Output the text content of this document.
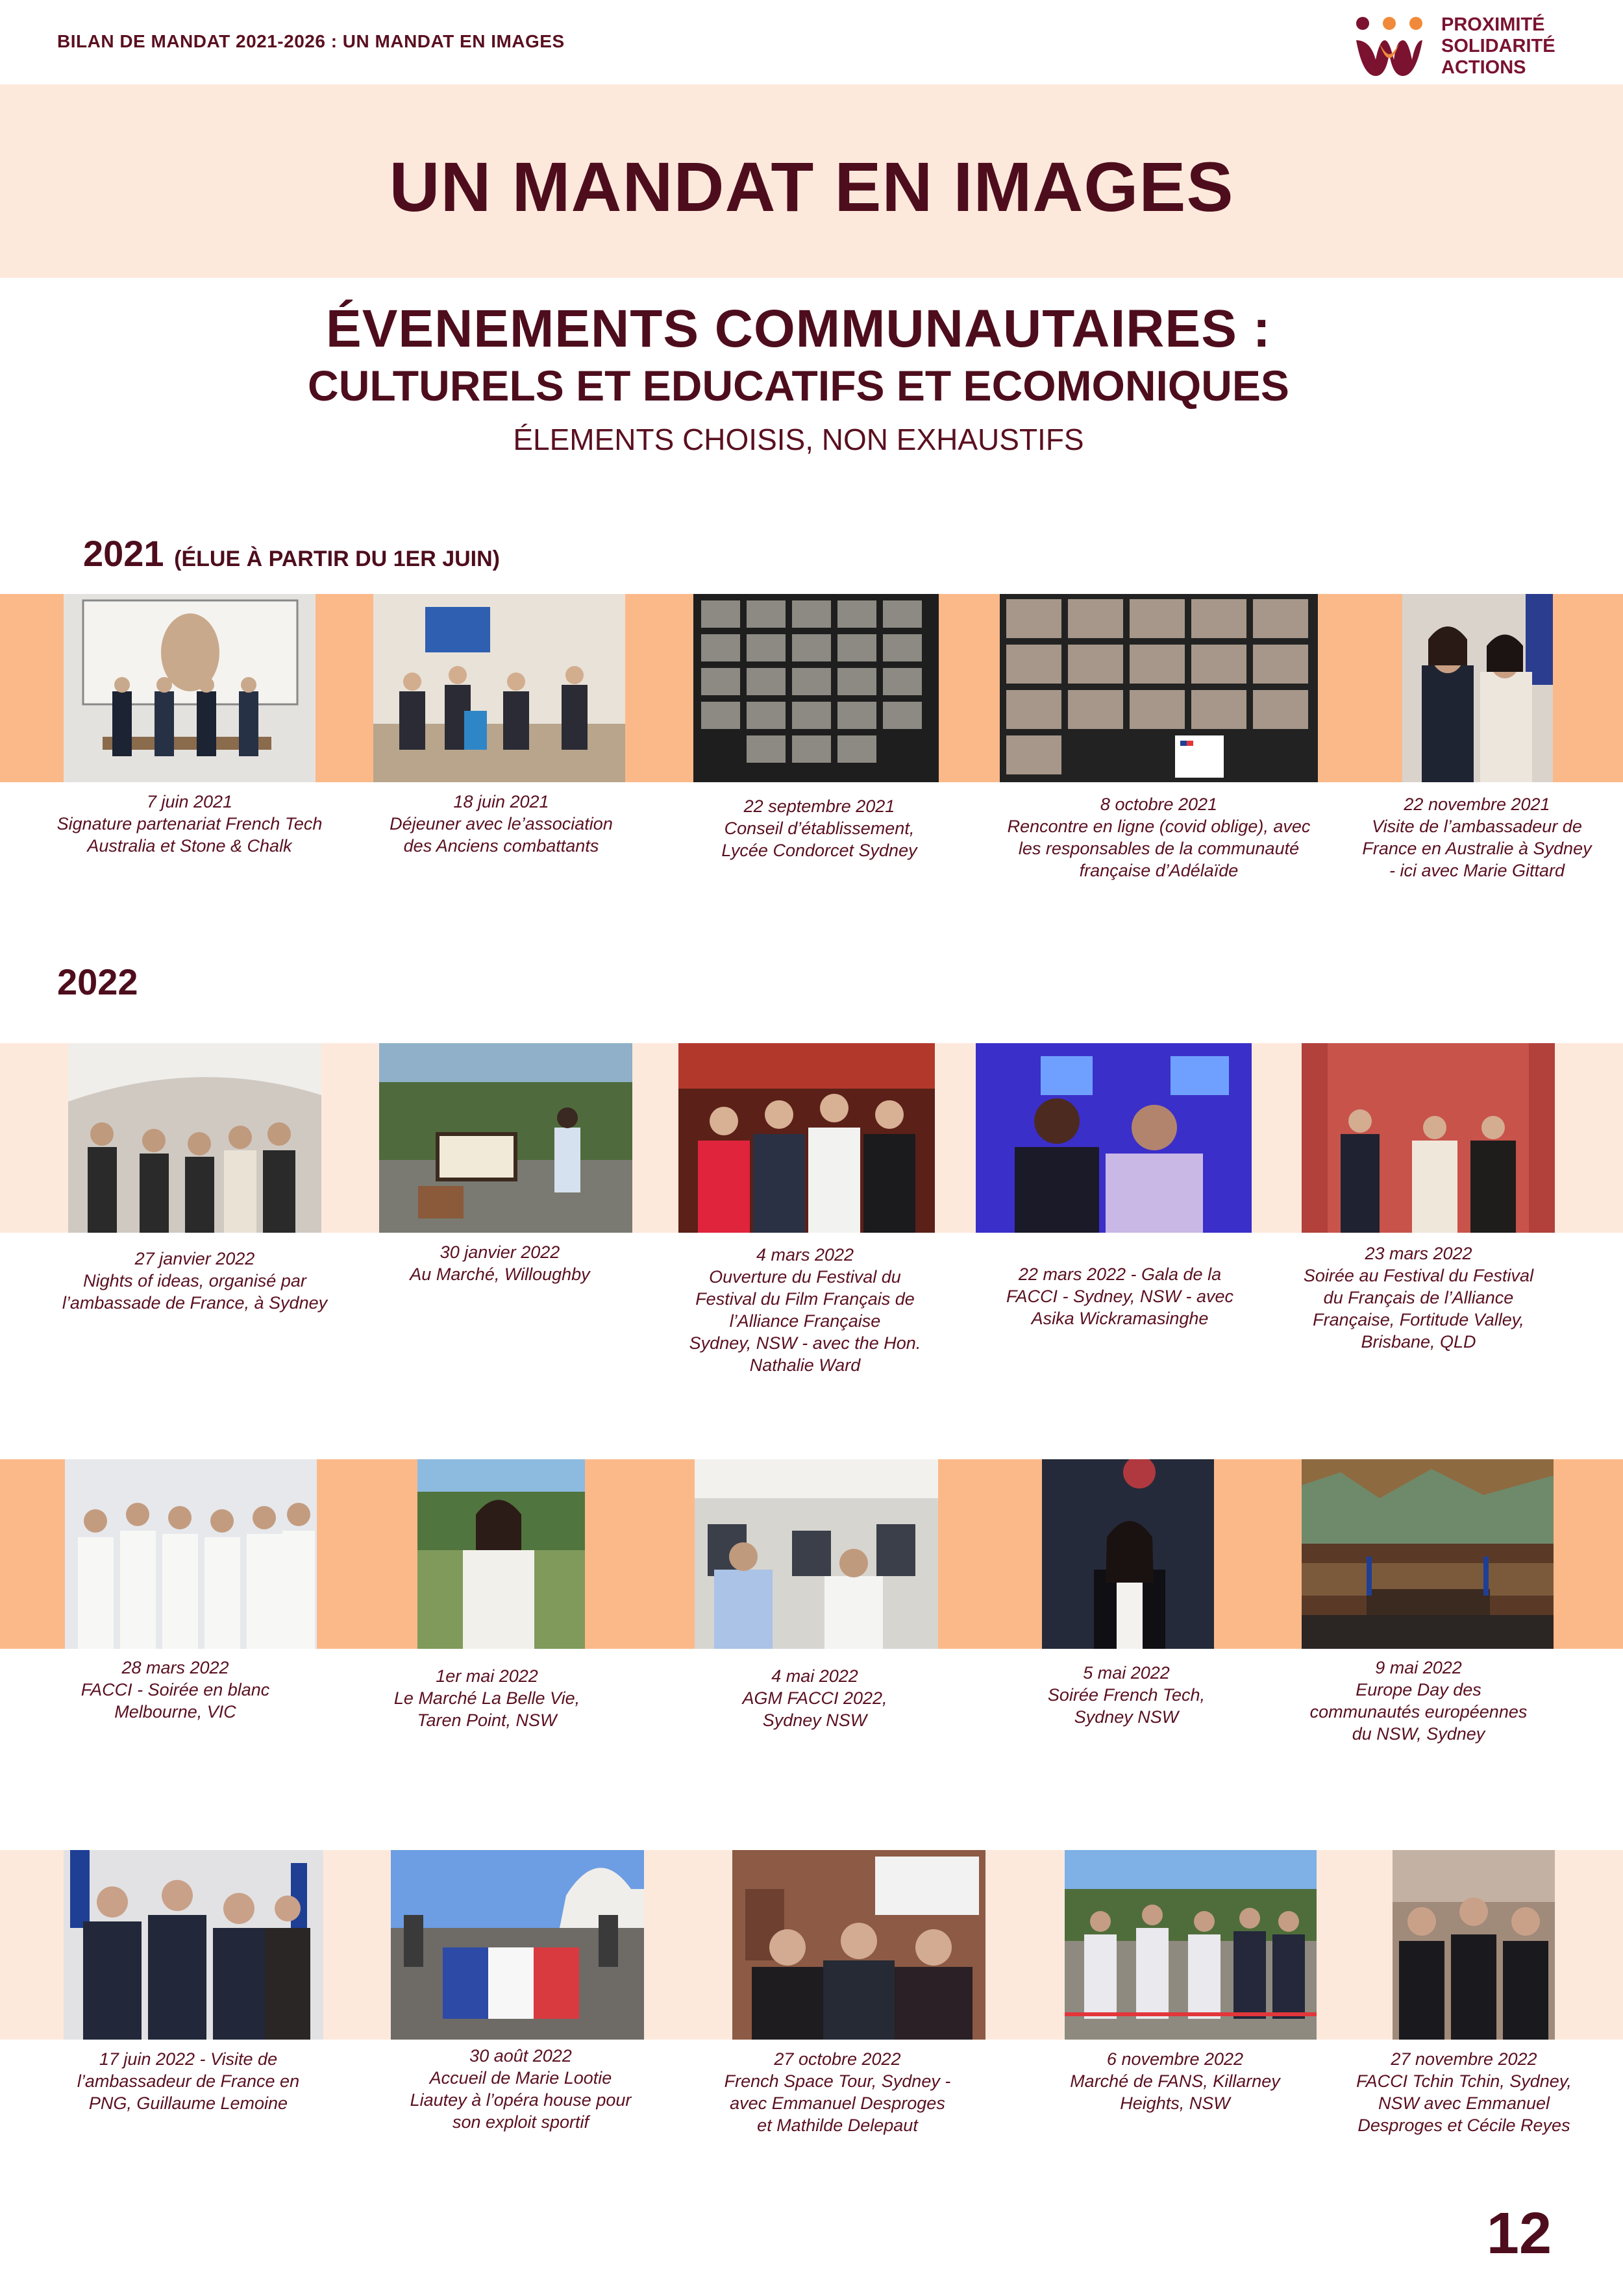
BILAN DE MANDAT 2021-2026 : UN MANDAT EN IMAGES
PROXIMITÉ
SOLIDARITÉ
ACTIONS
UN MANDAT EN IMAGES
ÉVENEMENTS COMMUNAUTAIRES :
CULTURELS ET EDUCATIFS ET ECOMONIQUES
ÉLEMENTS CHOISIS, NON EXHAUSTIFS
2021 (ÉLUE À PARTIR DU 1ER JUIN)
7 juin 2021
Signature partenariat French Tech
Australia et Stone & Chalk
18 juin 2021
Déjeuner avec le’association
des Anciens combattants
22 septembre 2021
Conseil d’établissement,
Lycée Condorcet Sydney
8 octobre 2021
Rencontre en ligne (covid oblige), avec
les responsables de la communauté
française d’Adélaïde
22 novembre 2021
Visite de l’ambassadeur de
France en Australie à Sydney
- ici avec Marie Gittard
2022
27 janvier 2022
Nights of ideas, organisé par
l’ambassade de France, à Sydney
30 janvier 2022
Au Marché, Willoughby
4 mars 2022
Ouverture du Festival du
Festival du Film Français de
l’Alliance Française
Sydney, NSW - avec the Hon.
Nathalie Ward
22 mars 2022 - Gala de la
FACCI - Sydney, NSW - avec
Asika Wickramasinghe
23 mars 2022
Soirée au Festival du Festival
du Français de l’Alliance
Française, Fortitude Valley,
Brisbane, QLD
28 mars 2022
FACCI - Soirée en blanc
Melbourne, VIC
1er mai 2022
Le Marché La Belle Vie,
Taren Point, NSW
4 mai 2022
AGM FACCI 2022,
Sydney NSW
5 mai 2022
Soirée French Tech,
Sydney NSW
9 mai 2022
Europe Day des
communautés européennes
du NSW, Sydney
17 juin 2022 - Visite de
l’ambassadeur de France en
PNG, Guillaume Lemoine
30 août 2022
Accueil de Marie Lootie
Liautey à l’opéra house pour
son exploit sportif
27 octobre 2022
French Space Tour, Sydney -
avec Emmanuel Desproges
et Mathilde Delepaut
6 novembre 2022
Marché de FANS, Killarney
Heights, NSW
27 novembre 2022
FACCI Tchin Tchin, Sydney,
NSW avec Emmanuel
Desproges et Cécile Reyes
12
